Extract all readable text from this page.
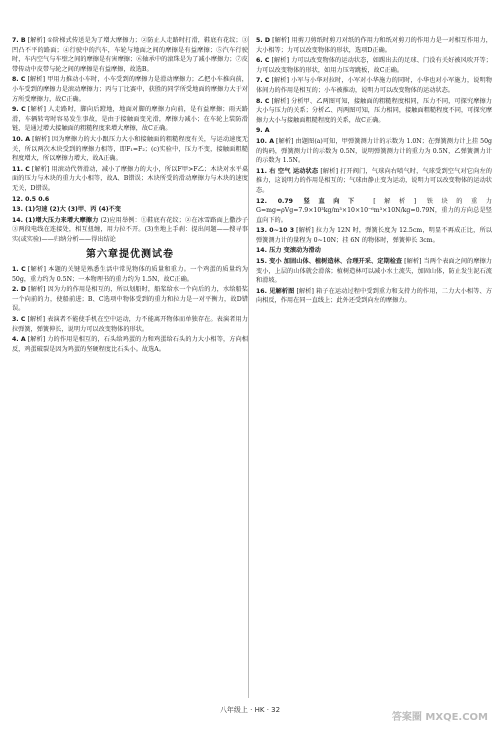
7. B [解析] ①阶梯式传送是为了增大摩擦力；②防止人走路时打滑，鞋底有花纹；③凹凸不平的路面；④行驶中的汽车，车轮与地面之间的摩擦是有益摩擦；⑤汽车行驶时，车内空气与车壁之间的摩擦是有害摩擦；⑥轴承中的滚珠是为了减小摩擦力；⑦皮带传动中皮带与轮之间的摩擦是有益摩擦，故选B。
8. C [解析] 甲用力推动小车时，小车受到的摩擦力是滑动摩擦力；乙把小车推向前，小车受到的摩擦力是滚动摩擦力；丙与丁比赛中，获胜的同学所受地面的摩擦力大于对方所受摩擦力，故C正确。
9. C [解析] 人走路时，脚向后蹬地，地面对脚的摩擦力向前，是有益摩擦；雨天路滑，车辆转弯时容易发生事故，是由于接触面变光滑，摩擦力减小；在车轮上装防滑链，是通过增大接触面的粗糙程度来增大摩擦，故C正确。
10. A [解析] 因为摩擦力的大小跟压力大小和接触面的粗糙程度有关，与运动速度无关，所以两次木块受到的摩擦力相等，即F₁=F₂；(c)实验中，压力不变，接触面粗糙程度增大，所以摩擦力增大，故A正确。
11. C [解析] 用滚动代替滑动，减小了摩擦力的大小，所以F甲>F乙；木块对水平桌面的压力与木块的重力大小相等，故A、B错误；木块所受的滑动摩擦力与木块的速度无关，D错误。
12. 0.5 0.6
13. (1)匀速 (2)大 (3)甲、丙 (4)不变
14. (1)增大压力来增大摩擦力 (2)应用举例：①鞋底有花纹；②在冰雪路面上撒沙子 ③两段电线在连接处，相互扭缠，用力拉不开。(3)坐地上手刹：提出问题——搜寻事实(或实验)——归纳分析——得出结论
第六章提优测试卷
1. C [解析] 本题的关键是熟悉生活中常见物体的质量和重力。一个鸡蛋的质量约为 50g，重力约为 0.5N；一本物理书的重力约为 1.5N，故C正确。
2. D [解析] 因为力的作用是相互的，所以划船时，船桨给水一个向后的力，水给船桨一个向前的力，使船前进；B、C选项中物体受到的重力和拉力是一对平衡力，故D错误。
3. C [解析] 表演者不能使手机在空中运动，力不能离开物体而单独存在。表演者用力拉弹簧，弹簧伸长，说明力可以改变物体的形状。
4. A [解析] 力的作用是相互的，石头给鸡蛋的力和鸡蛋给石头的力大小相等，方向相反，鸡蛋破裂是因为鸡蛋的坚硬程度比石头小。故选A。
5. D [解析] 用剪刀剪纸时剪刀对纸的作用力和纸对剪刀的作用力是一对相互作用力，大小相等；力可以改变物体的形状，选项D正确。
6. C [解析] 力可以改变物体的运动状态，如踢出去的足球、门没有关好被风吹开等；力可以改变物体的形状，如用力压弯跳板，故C正确。
7. C [解析] 小军与小华对拉时，小军对小华施力的同时，小华也对小军施力，说明物体间力的作用是相互的；小车被推动，说明力可以改变物体的运动状态。
8. C [解析] 分析甲、乙两图可知，接触面的粗糙程度相同，压力不同，可探究摩擦力大小与压力的关系；分析乙、丙两图可知，压力相同，接触面粗糙程度不同，可探究摩擦力大小与接触面粗糙程度的关系，故C正确。
9. A
10. A [解析] 由题图(a)可知，甲弹簧测力计的示数为 1.0N；在弹簧测力计上挂 50g 的钩码，弹簧测力计的示数为 0.5N，说明弹簧测力计的重力为 0.5N，乙弹簧测力计的示数为 1.5N。
11. 右 空气 运动状态 [解析] 打开阀门，气球向右喷气时，气球受到空气对它向左的推力，这说明力的作用是相互的；气球由静止变为运动，说明力可以改变物体的运动状态。
12. 0.79 竖直向下 [解析] 铁块的重力 G=mg=ρVg=7.9×10³kg/m³×10×10⁻⁶m³×10N/kg=0.79N，重力的方向总是竖直向下的。
13. 0~10 3 [解析] 拉力为 12N 时，弹簧长度为 12.5cm，明显不再成正比，所以弹簧测力计的量程为 0~10N；挂 6N 的物体时，弹簧伸长 3cm。
14. 压力 变滚动为滑动
15. 变小 加固山体、植树造林、合理开采、定期检查 [解析] 当两个表面之间的摩擦力变小，上层的山体就会滑落；植树造林可以减小水土流失，加固山体，防止发生泥石流和滑坡。
16. 见解析图 [解析] 箱子在运动过程中受到重力和支持力的作用，二力大小相等、方向相反，作用在同一直线上；此外还受到向左的摩擦力。
八年级上 · HK · 32
答案圈 MXQE.COM
